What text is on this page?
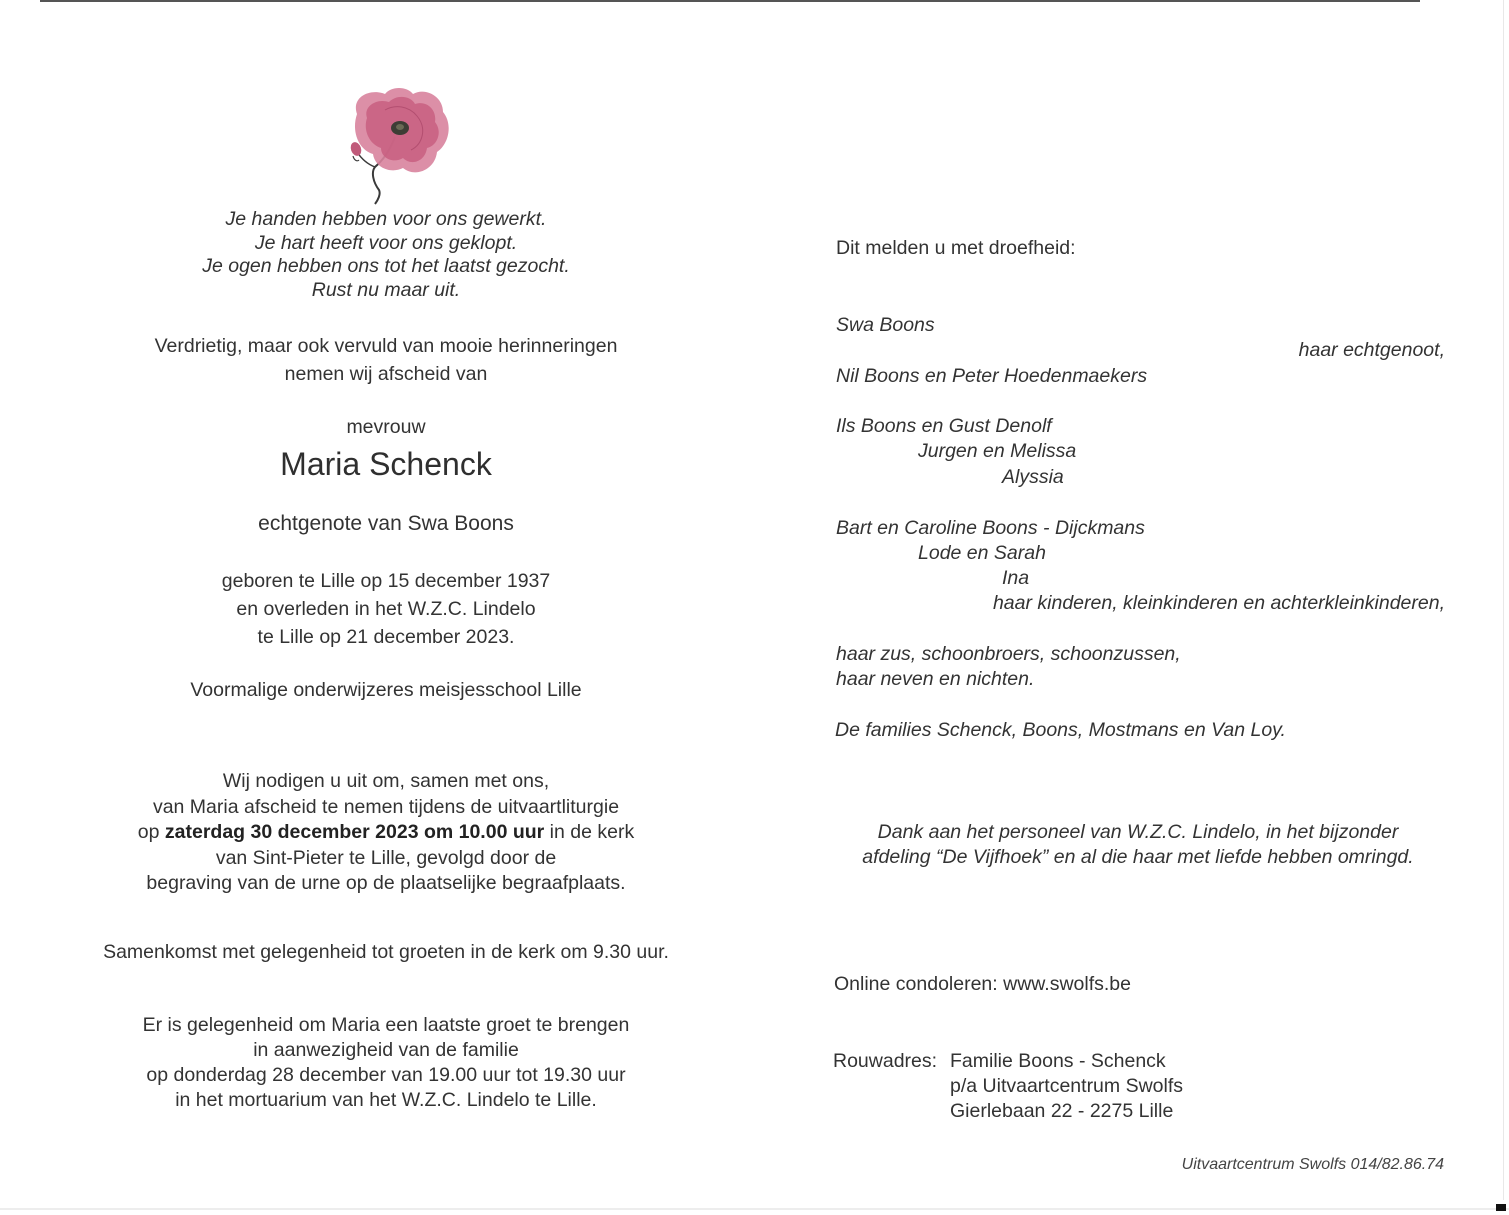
Je handen hebben voor ons gewerkt.
Je hart heeft voor ons geklopt.
Je ogen hebben ons tot het laatst gezocht.
Rust nu maar uit.
Verdrietig, maar ook vervuld van mooie herinneringen
nemen wij afscheid van
mevrouw
Maria Schenck
echtgenote van Swa Boons
geboren te Lille op 15 december 1937
en overleden in het W.Z.C. Lindelo
te Lille op 21 december 2023.
Voormalige onderwijzeres meisjesschool Lille
Wij nodigen u uit om, samen met ons,
van Maria afscheid te nemen tijdens de uitvaartliturgie
op zaterdag 30 december 2023 om 10.00 uur in de kerk
van Sint-Pieter te Lille, gevolgd door de
begraving van de urne op de plaatselijke begraafplaats.
Samenkomst met gelegenheid tot groeten in de kerk om 9.30 uur.
Er is gelegenheid om Maria een laatste groet te brengen
in aanwezigheid van de familie
op donderdag 28 december van 19.00 uur tot 19.30 uur
in het mortuarium van het W.Z.C. Lindelo te Lille.
Dit melden u met droefheid:
Swa Boons
haar echtgenoot,
Nil Boons en Peter Hoedenmaekers
Ils Boons en Gust Denolf
Jurgen en Melissa
Alyssia
Bart en Caroline Boons - Dijckmans
Lode en Sarah
Ina
haar kinderen, kleinkinderen en achterkleinkinderen,
haar zus, schoonbroers, schoonzussen,
haar neven en nichten.
De families Schenck, Boons, Mostmans en Van Loy.
Dank aan het personeel van W.Z.C. Lindelo, in het bijzonder
afdeling “De Vijfhoek” en al die haar met liefde hebben omringd.
Online condoleren: www.swolfs.be
Rouwadres: Familie Boons - Schenck
p/a Uitvaartcentrum Swolfs
Gierlebaan 22 - 2275 Lille
Uitvaartcentrum Swolfs 014/82.86.74
